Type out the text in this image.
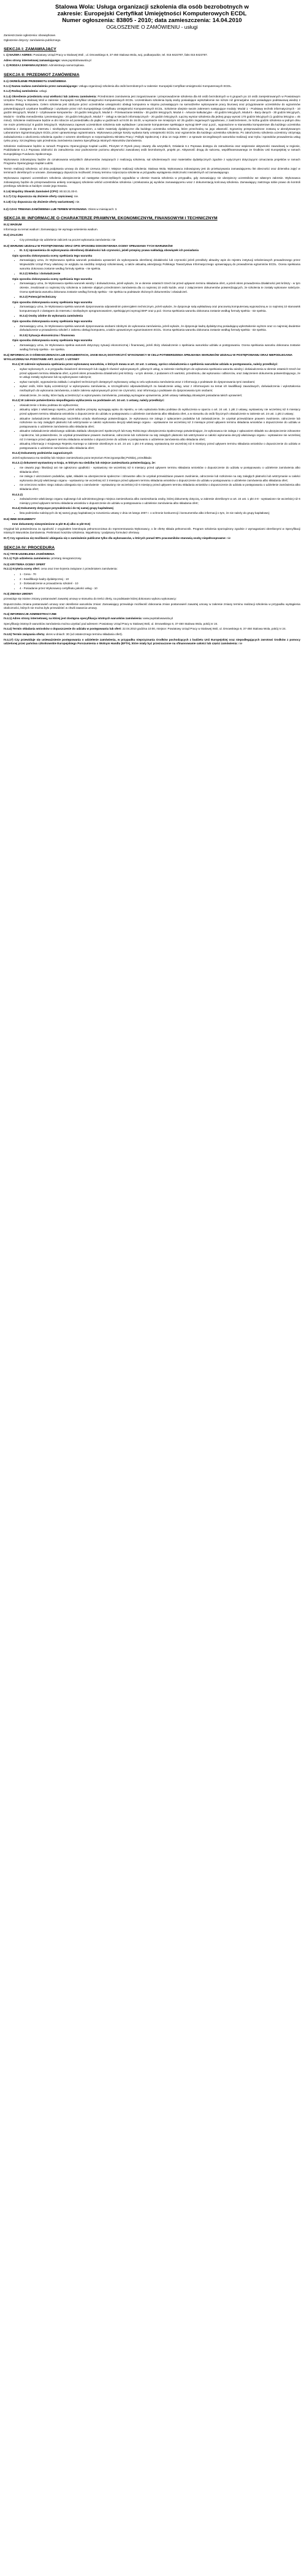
Stalowa Wola: Usługa organizacji szkolenia dla osób bezrobotnych w
zakresie: Europejski Certyfikat Umiejętności Komputerowych ECDL
Numer ogłoszenia: 83805 - 2010; data zamieszczenia: 14.04.2010
OGŁOSZENIE O ZAMÓWIENIU - usługi

Zamieszczanie ogłoszenia: obowiązkowe.

Ogłoszenie dotyczy: zamówienia publicznego.

SEKCJA I: ZAMAWIAJĄCY
I. 1) NAZWA I ADRES: Powiatowy Urząd Pracy w Stalowej Woli , ul. Dmowskiego 8, 37-450 Stalowa Wola, woj. podkarpackie, tel. 015 8423787, faks 015 8423787.
Adres strony internetowej zamawiającego: www.pupstalowawola.pl
I. 2) RODZAJ ZAMAWIAJĄCEGO: Administracja samorządowa.
SEKCJA II: PRZEDMIOT ZAMÓWIENIA
II.1) OKREŚLENIE PRZEDMIOTU ZAMÓWIENIA
II.1.1) Nazwa nadana zamówieniu przez zamawiającego: Usługa organizacji szkolenia dla osób bezrobotnych w zakresie: Europejski Certyfikat Umiejętności Komputerowych ECDL.
II.1.2) Rodzaj zamówienia: usługi.
II.1.4) Określenie przedmiotu oraz wielkości lub zakresu zamówienia: Przedmiotem zamówienia jest zorganizowanie i przeprowadzenie szkolenia dla 60 osób bezrobotnych w 6 grupach po 10 osób zarejestrowanych w Powiatowym Urzędzie Pracy w Stalowej Woli w zakresie: Europejski Certyfikat Umiejętności Komputerowych ECDL. Uczestnikami szkolenia będą osoby posiadające wykształcenie nie niższe niż gimnazjalne oraz posiadające podstawową wiedzę z zakresu obsługi komputera. Celem szkolenia jest zdobycie przez uczestników umiejętności obsługi komputera w stopniu pozwalającym na samodzielne wykonywanie pracy biurowej oraz przygotowanie uczestników do egzaminów potwierdzających uzyskane kwalifikacje i uzyskanie przez nich Europejskiego Certyfikatu Umiejętności Komputerowych ECDL. Szkolenie obejmie swoim zakresem następujące moduły: Moduł 1 - Podstawy technik informatycznych - 10 godzin lekcyjnych, Moduł 2 - Użytkowanie komputerów - 20 godzin lekcyjnych, Moduł 3 - Przetwarzanie tekstów - 30 godzin lekcyjnych, Moduł 4 - Arkusze kalkulacyjne - 40 godzin lekcyjnych, Moduł 5 - Bazy danych - 30 godzin lekcyjnych, Moduł 6 - Grafika menedżerska i prezentacyjna - 20 godzin lekcyjnych, Moduł 7 - Usługi w sieciach informatycznych - 20 godzin lekcyjnych. Łączny wymiar szkolenia dla jednej grupy wynosi 170 godzin lekcyjnych (1 godzina lekcyjna = 45 minut). Szkolenie realizowane będzie w dni robocze od poniedziałku do piątku w godzinach od 8.00 do 16.00, w wymiarze nie mniejszym niż 25 godzin zegarowych tygodniowo, z zastrzeżeniem, że liczba godzin szkolenia w jednym dniu nie może przekroczyć 8 godzin lekcyjnych. Wykonawca zapewni uczestnikom szkolenia sale wykładowe i pracownie komputerowe spełniające wymogi BHP oraz p.poż., wyposażone w stanowiska komputerowe dla każdego uczestnika szkolenia z dostępem do Internetu i niezbędnym oprogramowaniem, a także materiały dydaktyczne dla każdego uczestnika szkolenia, które przechodzą na jego własność. Egzaminy przeprowadzone zostaną w akredytowanym Laboratorium Egzaminacyjnym ECDL przez uprawnionego egzaminatora. Wykonawca pokryje koszty wydania karty umiejętności ECDL oraz egzaminów dla każdego uczestnika szkolenia. Po zakończeniu szkolenia uczestnicy otrzymają zaświadczenia o ukończeniu szkolenia zgodne z wzorem określonym w rozporządzeniu Ministra Pracy i Polityki Społecznej z dnia 14 maja 2009 r. w sprawie szczegółowych warunków realizacji oraz trybu i sposobów prowadzenia usług rynku pracy. Szczegółowy opis przedmiotu zamówienia zawiera Specyfikacja Istotnych Warunków Zamówienia.
Szkolenie realizowane będzie w ramach Programu Operacyjnego Kapitał Ludzki, Priorytet VI Rynek pracy otwarty dla wszystkich, Działanie 6.1 Poprawa dostępu do zatrudnienia oraz wspieranie aktywności zawodowej w regionie, Poddziałanie 6.1.3 Poprawa zdolności do zatrudnienia oraz podnoszenie poziomu aktywności zawodowej osób bezrobotnych, projekt pn. Aktywność drogą do sukcesu, współfinansowanego ze środków Unii Europejskiej w ramach Europejskiego Funduszu Społecznego.
Wykonawca zobowiązany będzie do oznakowania wszystkich dokumentów związanych z realizacją szkolenia, sal szkoleniowych oraz materiałów dydaktycznych zgodnie z wytycznymi dotyczącymi oznaczania projektów w ramach Programu Operacyjnego Kapitał Ludzki.
Termin realizacji szkolenia: od dnia podpisania umowy do dnia 30 czerwca 2010 r. Miejsce realizacji szkolenia: Stalowa Wola. Wykonawca zobowiązany jest do przekazywania zamawiającemu list obecności oraz dziennika zajęć w terminach określonych w umowie. Zamawiający dopuszcza możliwość zmiany terminu rozpoczęcia szkolenia w przypadku wystąpienia okoliczności niezależnych od zamawiającego.
Wykonawca zapewni uczestnikom szkolenia ubezpieczenie od następstw nieszczęśliwych wypadków w okresie trwania szkolenia w przypadku, gdy zamawiający nie ubezpieczy uczestników we własnym zakresie. Wykonawca zobowiązany będzie do przeprowadzenia ankiety oceniającej szkolenie wśród uczestników szkolenia i przekazania jej wyników zamawiającemu wraz z dokumentacją końcową szkolenia. Zamawiający zastrzega sobie prawo do kontroli przebiegu szkolenia w każdym czasie jego trwania.
II.1.6) Wspólny Słownik Zamówień (CPV): 80.53.31.00-0.
II.1.7) Czy dopuszcza się złożenie oferty częściowej: nie.
II.1.8) Czy dopuszcza się złożenie oferty wariantowej: nie.
II.2) CZAS TRWANIA ZAMÓWIENIA LUB TERMIN WYKONANIA: Okres w miesiącach: 3.
SEKCJA III: INFORMACJE O CHARAKTERZE PRAWNYM, EKONOMICZNYM, FINANSOWYM I TECHNICZNYM
III.1) WADIUM
Informacja na temat wadium: Zamawiający nie wymaga wniesienia wadium.
III.2) ZALICZKI
• Czy przewiduje się udzielenie zaliczek na poczet wykonania zamówienia: nie
III.3) WARUNKI UDZIAŁU W POSTĘPOWANIU ORAZ OPIS SPOSOBU DOKONYWANIA OCENY SPEŁNIANIA TYCH WARUNKÓW
• III. 3.1) Uprawnienia do wykonywania określonej działalności lub czynności, jeżeli przepisy prawa nakładają obowiązek ich posiadania
Opis sposobu dokonywania oceny spełniania tego warunku
• Zamawiający uzna, że Wykonawca spełnia warunek posiadania uprawnień do wykonywania określonej działalności lub czynności jeżeli przedłoży aktualny wpis do rejestru instytucji szkoleniowych prowadzonego przez Wojewódzki Urząd Pracy właściwy ze względu na siedzibę instytucji szkoleniowej, a także aktualną akredytację Polskiego Towarzystwa Informatycznego uprawniającą do prowadzenia egzaminów ECDL. Ocena spełniania warunku dokonana zostanie według formuły spełnia - nie spełnia.
• III.3.2) Wiedza i doświadczenie
Opis sposobu dokonywania oceny spełniania tego warunku
• Zamawiający uzna, że Wykonawca spełnia warunek wiedzy i doświadczenia, jeżeli wykaże, że w okresie ostatnich trzech lat przed upływem terminu składania ofert, a jeżeli okres prowadzenia działalności jest krótszy - w tym okresie, zrealizował co najmniej trzy szkolenia w zakresie objętym przedmiotem zamówienia dla co najmniej 10 osób każde, wraz z załączeniem dokumentów potwierdzających, że szkolenia te zostały wykonane należycie. Ocena spełniania warunku dokonana zostanie według formuły spełnia - nie spełnia na podstawie złożonych dokumentów i oświadczeń.
• III.3.3) Potencjał techniczny
Opis sposobu dokonywania oceny spełniania tego warunku
• Zamawiający uzna, że Wykonawca spełnia warunek dysponowania odpowiednim potencjałem technicznym, jeżeli wykaże, że dysponuje salą wykładową oraz pracownią komputerową wyposażoną w co najmniej 10 stanowisk komputerowych z dostępem do Internetu i niezbędnym oprogramowaniem, spełniającymi wymogi BHP oraz p.poż. Ocena spełniania warunku dokonana zostanie według formuły spełnia - nie spełnia.
• III.3.4) Osoby zdolne do wykonania zamówienia
Opis sposobu dokonywania oceny spełniania tego warunku
• Zamawiający uzna, że Wykonawca spełnia warunek dysponowania osobami zdolnymi do wykonania zamówienia, jeżeli wykaże, że dysponuje kadrą dydaktyczną posiadającą wykształcenie wyższe oraz co najmniej dwuletnie doświadczenie w prowadzeniu szkoleń z zakresu obsługi komputera, a także uprawnionym egzaminatorem ECDL. Ocena spełniania warunku dokonana zostanie według formuły spełnia - nie spełnia.
• III.3.5) Sytuacja ekonomiczna i finansowa
Opis sposobu dokonywania oceny spełniania tego warunku
• Zamawiający uzna, że Wykonawca spełnia warunek dotyczący sytuacji ekonomicznej i finansowej, jeżeli złoży oświadczenie o spełnianiu warunków udziału w postępowaniu. Ocena spełniania warunku dokonana zostanie według formuły spełnia - nie spełnia.
III.4) INFORMACJA O OŚWIADCZENIACH LUB DOKUMENTACH, JAKIE MAJĄ DOSTARCZYĆ WYKONAWCY W CELU POTWIERDZENIA SPEŁNIANIA WARUNKÓW UDZIAŁU W POSTĘPOWANIU ORAZ NIEPODLEGANIA WYKLUCZENIU NA PODSTAWIE ART. 24 UST. 1 USTAWY
III.4.1) W zakresie wykazania spełniania przez wykonawcę warunków, o których mowa w art. 22 ust. 1 ustawy, oprócz oświadczenia o spełnieniu warunków udziału w postępowaniu, należy przedłożyć:
• wykaz wykonanych, a w przypadku świadczeń okresowych lub ciągłych również wykonywanych, głównych usług, w zakresie niezbędnym do wykazania spełniania warunku wiedzy i doświadczenia w okresie ostatnich trzech lat przed upływem terminu składania ofert, a jeżeli okres prowadzenia działalności jest krótszy - w tym okresie, z podaniem ich wartości, przedmiotu, dat wykonania i odbiorców, oraz załączeniem dokumentu potwierdzającego, że te usługi zostały wykonane lub są wykonywane należycie;
• wykaz narzędzi, wyposażenia zakładu i urządzeń technicznych dostępnych wykonawcy usług w celu wykonania zamówienia wraz z informacją o podstawie do dysponowania tymi zasobami;
• wykaz osób, które będą uczestniczyć w wykonywaniu zamówienia, w szczególności odpowiedzialnych za świadczenie usług, wraz z informacjami na temat ich kwalifikacji zawodowych, doświadczenia i wykształcenia niezbędnych do wykonania zamówienia, a także zakresu wykonywanych przez nie czynności, oraz informacją o podstawie do dysponowania tymi osobami;
• oświadczenie, że osoby, które będą uczestniczyć w wykonywaniu zamówienia, posiadają wymagane uprawnienia, jeżeli ustawy nakładają obowiązek posiadania takich uprawnień;
III.4.2) W zakresie potwierdzenia niepodlegania wykluczeniu na podstawie art. 24 ust. 1 ustawy, należy przedłożyć:
• oświadczenie o braku podstaw do wykluczenia;
• aktualny odpis z właściwego rejestru, jeżeli odrębne przepisy wymagają wpisu do rejestru, w celu wykazania braku podstaw do wykluczenia w oparciu o art. 24 ust. 1 pkt 2 ustawy, wystawiony nie wcześniej niż 6 miesięcy przed upływem terminu składania wniosków o dopuszczenie do udziału w postępowaniu o udzielenie zamówienia albo składania ofert, a w stosunku do osób fizycznych oświadczenie w zakresie art. 24 ust. 1 pkt 2 ustawy;
• aktualne zaświadczenie właściwego naczelnika urzędu skarbowego potwierdzające, że wykonawca nie zalega z opłacaniem podatków lub zaświadczenie, że uzyskał przewidziane prawem zwolnienie, odroczenie lub rozłożenie na raty zaległych płatności lub wstrzymanie w całości wykonania decyzji właściwego organu - wystawione nie wcześniej niż 3 miesiące przed upływem terminu składania wniosków o dopuszczenie do udziału w postępowaniu o udzielenie zamówienia albo składania ofert;
• aktualne zaświadczenie właściwego oddziału Zakładu Ubezpieczeń Społecznych lub Kasy Rolniczego Ubezpieczenia Społecznego potwierdzające, że wykonawca nie zalega z opłacaniem składek na ubezpieczenie zdrowotne i społeczne, lub potwierdzenie, że uzyskał przewidziane prawem zwolnienie, odroczenie lub rozłożenie na raty zaległych płatności lub wstrzymanie w całości wykonania decyzji właściwego organu - wystawione nie wcześniej niż 3 miesiące przed upływem terminu składania wniosków o dopuszczenie do udziału w postępowaniu o udzielenie zamówienia albo składania ofert;
• aktualną informację z Krajowego Rejestru Karnego w zakresie określonym w art. 24 ust. 1 pkt 4-8 ustawy, wystawioną nie wcześniej niż 6 miesięcy przed upływem terminu składania wniosków o dopuszczenie do udziału w postępowaniu o udzielenie zamówienia albo składania ofert;
III.4.3) Dokumenty podmiotów zagranicznych
Jeżeli wykonawca ma siedzibę lub miejsce zamieszkania poza terytorium Rzeczypospolitej Polskiej, przedkłada:
III.4.3.1) dokument wystawiony w kraju, w którym ma siedzibę lub miejsce zamieszkania potwierdzający, że:
• nie otwarto jego likwidacji ani nie ogłoszono upadłości - wystawiony nie wcześniej niż 6 miesięcy przed upływem terminu składania wniosków o dopuszczenie do udziału w postępowaniu o udzielenie zamówienia albo składania ofert;
• nie zalega z uiszczaniem podatków, opłat, składek na ubezpieczenie społeczne i zdrowotne albo że uzyskał przewidziane prawem zwolnienie, odroczenie lub rozłożenie na raty zaległych płatności lub wstrzymanie w całości wykonania decyzji właściwego organu - wystawiony nie wcześniej niż 3 miesiące przed upływem terminu składania wniosków o dopuszczenie do udziału w postępowaniu o udzielenie zamówienia albo składania ofert;
• nie orzeczono wobec niego zakazu ubiegania się o zamówienie - wystawiony nie wcześniej niż 6 miesięcy przed upływem terminu składania wniosków o dopuszczenie do udziału w postępowaniu o udzielenie zamówienia albo składania ofert;
III.4.3.2)
• zaświadczenie właściwego organu sądowego lub administracyjnego miejsca zamieszkania albo zamieszkania osoby, której dokumenty dotyczą, w zakresie określonym w art. 24 ust. 1 pkt 4-8 - wystawione nie wcześniej niż 6 miesięcy przed upływem terminu składania wniosków o dopuszczenie do udziału w postępowaniu o udzielenie zamówienia albo składania ofert;
III.4.4) Dokumenty dotyczące przynależności do tej samej grupy kapitałowej
• lista podmiotów należących do tej samej grupy kapitałowej w rozumieniu ustawy z dnia 16 lutego 2007 r. o ochronie konkurencji i konsumentów albo informacji o tym, że nie należy do grupy kapitałowej;
III.6) INNE DOKUMENTY
Inne dokumenty niewymienione w pkt III.4) albo w pkt III.5)
Oryginał lub potwierdzona za zgodność z oryginałem kserokopia pełnomocnictwa do reprezentowania Wykonawcy, o ile ofertę składa pełnomocnik. Program szkolenia sporządzony zgodnie z wymaganiami określonymi w Specyfikacji Istotnych Warunków Zamówienia. Preliminarz kosztów szkolenia. Wypełniony i podpisany formularz ofertowy.
III.7) Czy ogranicza się możliwość ubiegania się o zamówienie publiczne tylko dla wykonawców, u których ponad 50% pracowników stanowią osoby niepełnosprawne: nie
SEKCJA IV: PROCEDURA
IV.1) TRYB UDZIELENIA ZAMÓWIENIA
IV.1.1) Tryb udzielenia zamówienia: przetarg nieograniczony.
IV.2) KRYTERIA OCENY OFERT
IV.2.1) Kryteria oceny ofert: cena oraz inne kryteria związane z przedmiotem zamówienia:
• 1 - Cena - 70
• 2 - Kwalifikacje kadry dydaktycznej - 10
• 3 - Doświadczenie w prowadzeniu szkoleń - 10
• 4 - Posiadanie przez Wykonawcę certyfikatu jakości usług - 10
IV.3) ZMIANA UMOWY
przewiduje się istotne zmiany postanowień zawartej umowy w stosunku do treści oferty, na podstawie której dokonano wyboru wykonawcy:
Dopuszczalna zmiana postanowień umowy oraz określenie warunków zmian: Zamawiający przewiduje możliwość dokonania zmian postanowień zawartej umowy w zakresie zmiany terminu realizacji szkolenia w przypadku wystąpienia okoliczności, których nie można było przewidzieć w chwili zawarcia umowy.
IV.4) INFORMACJE ADMINISTRACYJNE
IV.4.1) Adres strony internetowej, na której jest dostępna specyfikacja istotnych warunków zamówienia: www.pupstalowawola.pl
Specyfikację istotnych warunków zamówienia można uzyskać pod adresem: Powiatowy Urząd Pracy w Stalowej Woli, ul. Dmowskiego 8, 37-450 Stalowa Wola, pokój nr 24.
IV.4.4) Termin składania wniosków o dopuszczenie do udziału w postępowaniu lub ofert: 22.04.2010 godzina 10:00, miejsce: Powiatowy Urząd Pracy w Stalowej Woli, ul. Dmowskiego 8, 37-450 Stalowa Wola, pokój nr 24.
IV.4.5) Termin związania ofertą: okres w dniach: 30 (od ostatecznego terminu składania ofert).
IV.4.17) Czy przewiduje się unieważnienie postępowania o udzielenie zamówienia, w przypadku nieprzyznania środków pochodzących z budżetu Unii Europejskiej oraz niepodlegających zwrotowi środków z pomocy udzielonej przez państwa członkowskie Europejskiego Porozumienia o Wolnym Handlu (EFTA), które miały być przeznaczone na sfinansowanie całości lub części zamówienia: nie
